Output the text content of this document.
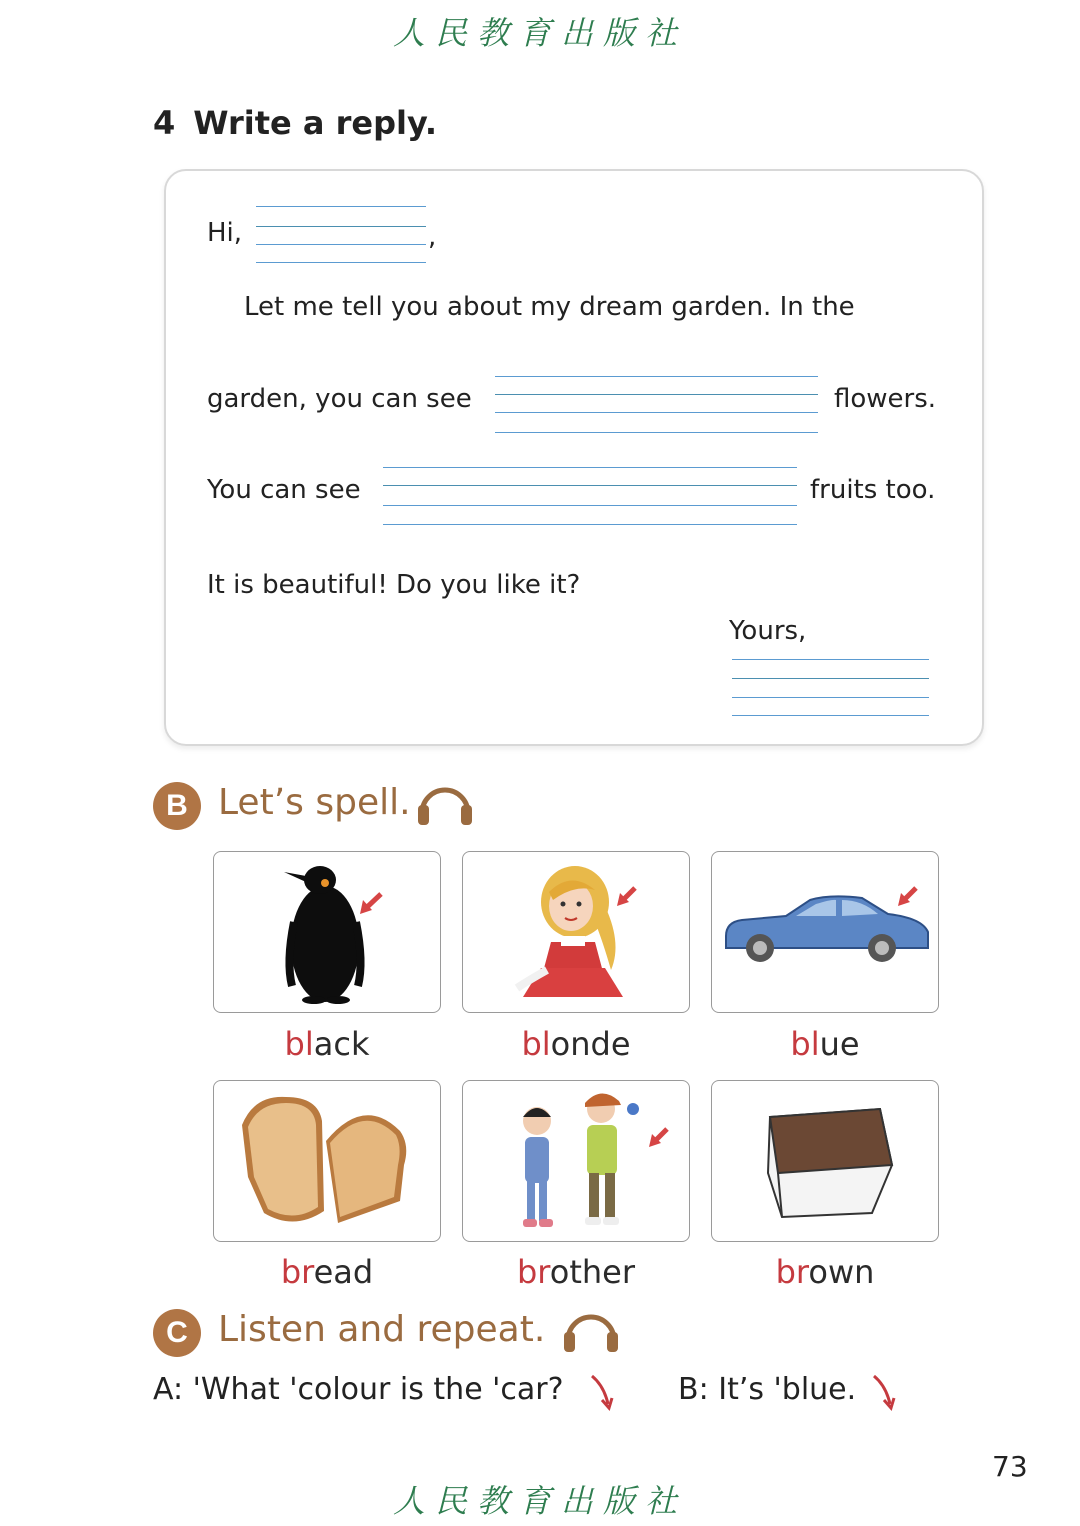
人民教育出版社
4 Write a reply.
Hi,	,
Let me tell you about my dream garden. In the
garden, you can see	flowers.
You can see	fruits too.
It is beautiful! Do you like it?
Yours,
B Let’s spell.
black	blonde	blue
bread	brother	brown
C Listen and repeat.
A: 'What 'colour is the 'car?	B: It’s 'blue.
73
人民教育出版社
